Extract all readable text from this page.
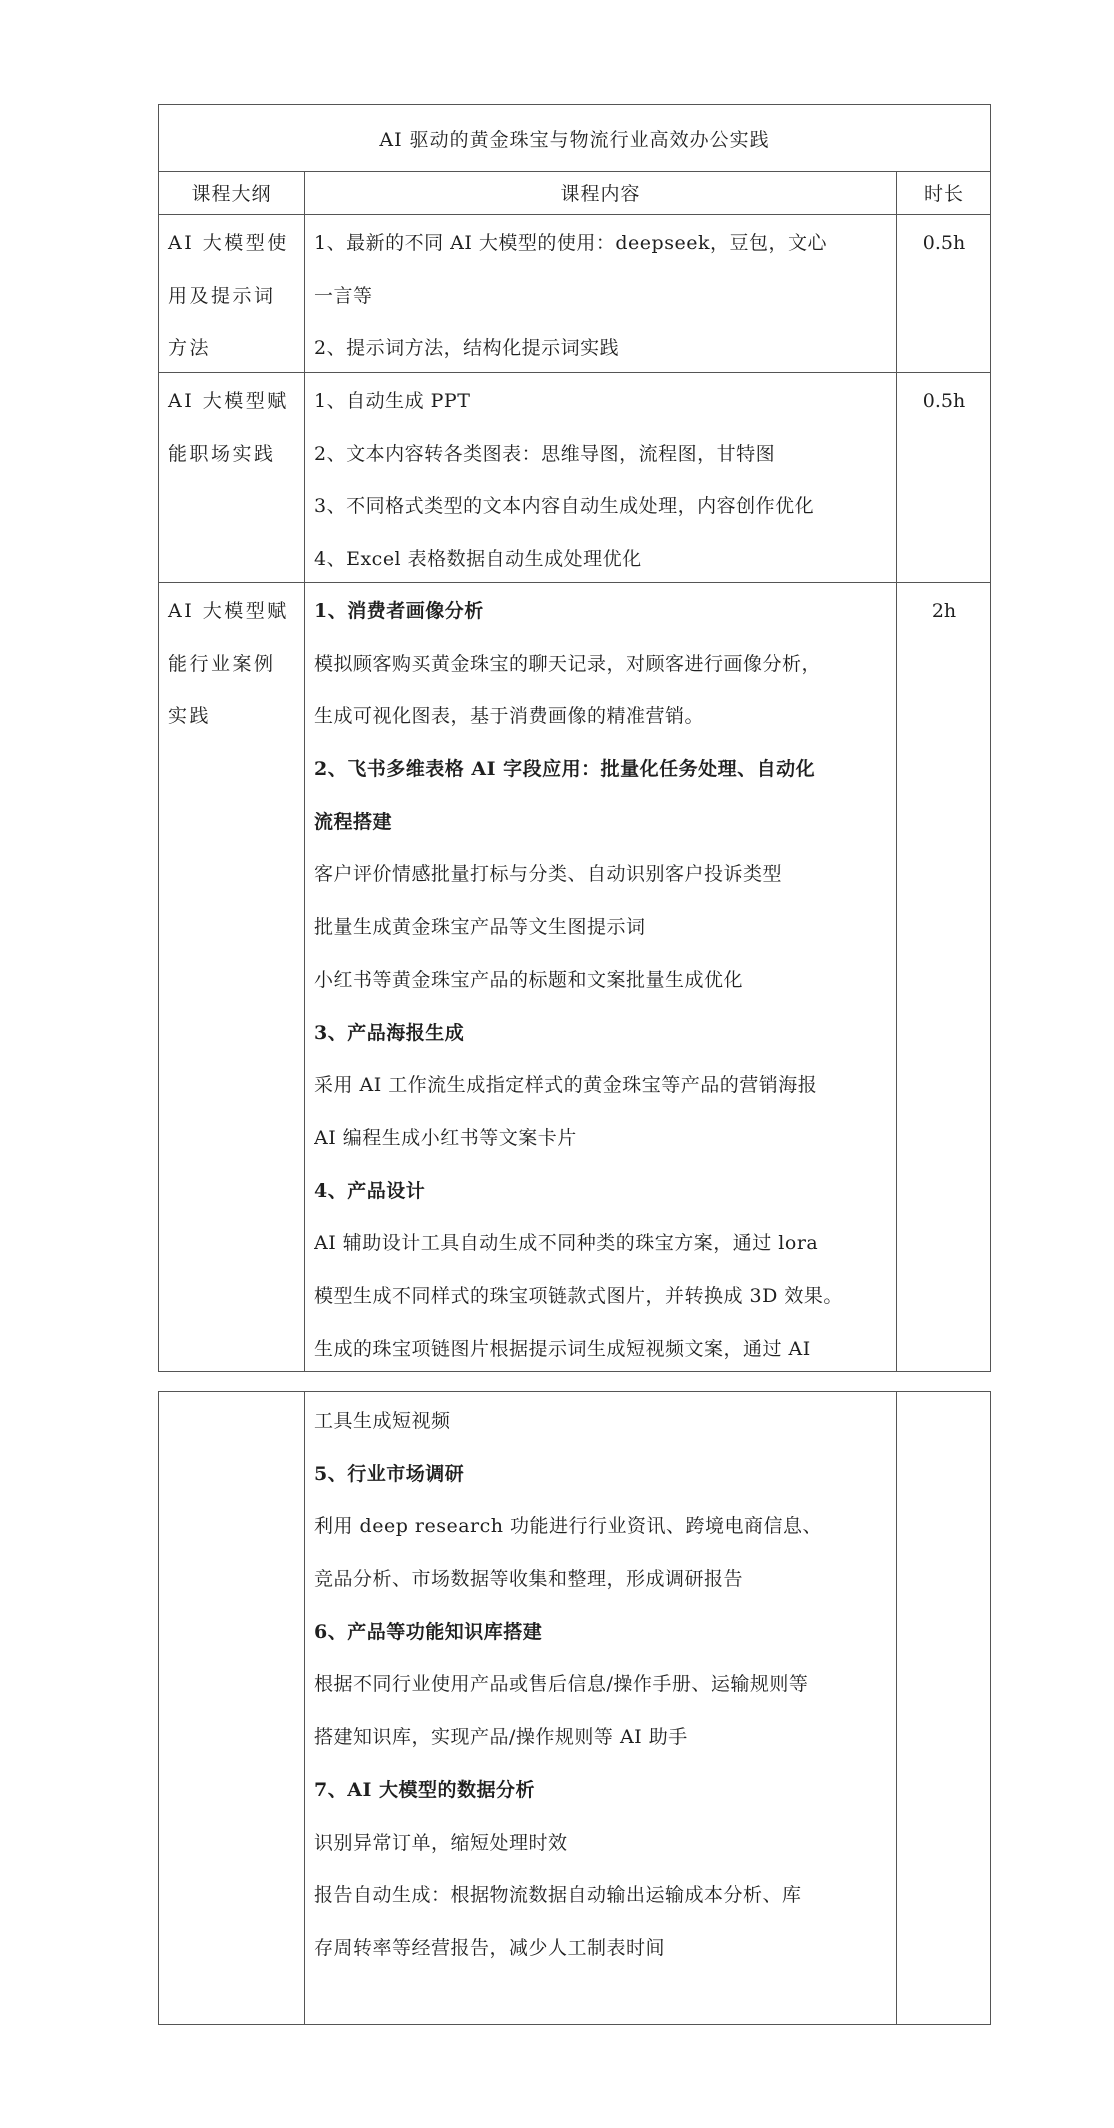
AI 驱动的黄金珠宝与物流行业高效办公实践
课程大纲	课程内容	时长
AI 大模型使
用及提示词
方法
1、最新的不同 AI 大模型的使用：deepseek，豆包，文心
一言等
2、提示词方法，结构化提示词实践
0.5h
AI 大模型赋
能职场实践
1、自动生成 PPT
2、文本内容转各类图表：思维导图，流程图，甘特图
3、不同格式类型的文本内容自动生成处理，内容创作优化
4、Excel 表格数据自动生成处理优化
0.5h
AI 大模型赋
能行业案例
实践
1、消费者画像分析
模拟顾客购买黄金珠宝的聊天记录，对顾客进行画像分析，
生成可视化图表，基于消费画像的精准营销。
2、飞书多维表格 AI 字段应用：批量化任务处理、自动化
流程搭建
客户评价情感批量打标与分类、自动识别客户投诉类型
批量生成黄金珠宝产品等文生图提示词
小红书等黄金珠宝产品的标题和文案批量生成优化
3、产品海报生成
采用 AI 工作流生成指定样式的黄金珠宝等产品的营销海报
AI 编程生成小红书等文案卡片
4、产品设计
AI 辅助设计工具自动生成不同种类的珠宝方案，通过 lora
模型生成不同样式的珠宝项链款式图片，并转换成 3D 效果。
生成的珠宝项链图片根据提示词生成短视频文案，通过 AI
2h
工具生成短视频
5、行业市场调研
利用 deep research 功能进行行业资讯、跨境电商信息、
竞品分析、市场数据等收集和整理，形成调研报告
6、产品等功能知识库搭建
根据不同行业使用产品或售后信息/操作手册、运输规则等
搭建知识库，实现产品/操作规则等 AI 助手
7、AI 大模型的数据分析
识别异常订单，缩短处理时效
报告自动生成：根据物流数据自动输出运输成本分析、库
存周转率等经营报告，减少人工制表时间
